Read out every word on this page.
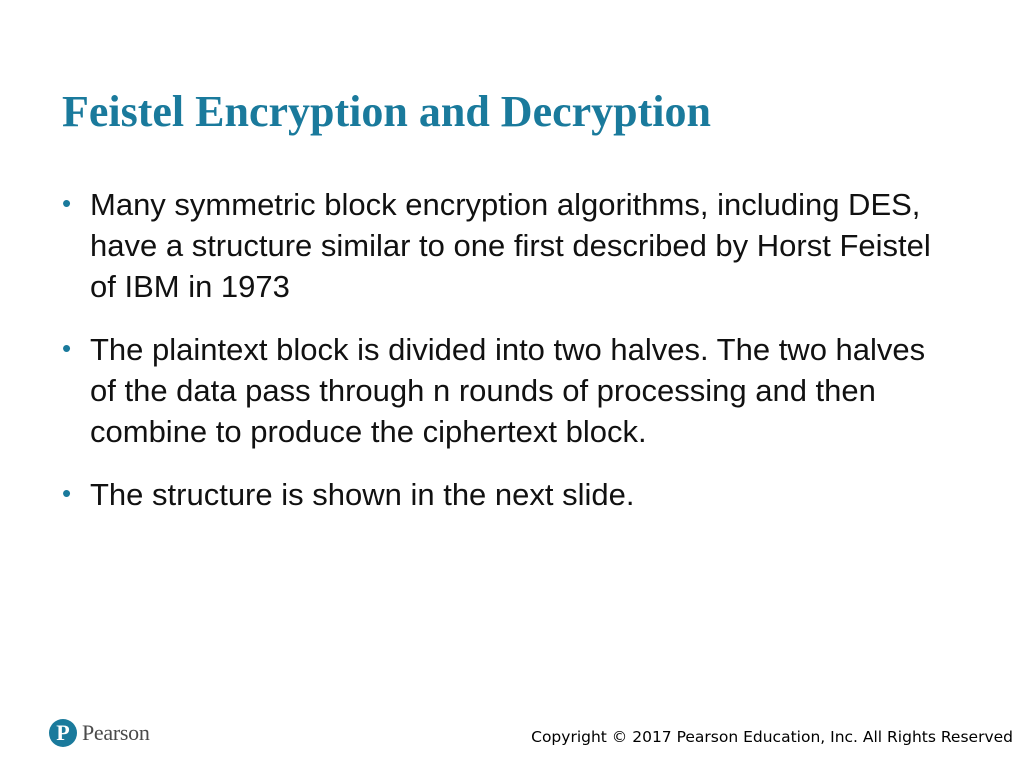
Feistel Encryption and Decryption
• Many symmetric block encryption algorithms, including DES, have a structure similar to one first described by Horst Feistel of IBM in 1973
• The plaintext block is divided into two halves. The two halves of the data pass through n rounds of processing and then combine to produce the ciphertext block.
• The structure is shown in the next slide.
P Pearson	Copyright © 2017 Pearson Education, Inc. All Rights Reserved
